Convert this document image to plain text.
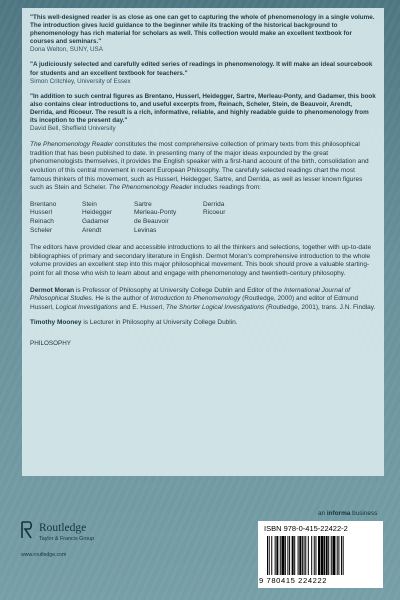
"This well-designed reader is as close as one can get to capturing the whole of phenomenology in a single volume. The introduction gives lucid guidance to the beginner while its tracking of the historical background to phenomenology has rich material for scholars as well. This collection would make an excellent textbook for courses and seminars."

Dona Welton, SUNY, USA

"A judiciously selected and carefully edited series of readings in phenomenology. It will make an ideal sourcebook for students and an excellent textbook for teachers."

Simon Critchley, University of Essex

"In addition to such central figures as Brentano, Husserl, Heidegger, Sartre, Merleau-Ponty, and Gadamer, this book also contains clear introductions to, and useful excerpts from, Reinach, Scheler, Stein, de Beauvoir, Arendt, Derrida, and Ricoeur. The result is a rich, informative, reliable, and highly readable guide to phenomenology from its inception to the present day."

David Bell, Sheffield University

The Phenomenology Reader constitutes the most comprehensive collection of primary texts from this philosophical tradition that has been published to date. In presenting many of the major ideas expounded by the great phenomenologists themselves, it provides the English speaker with a first-hand account of the birth, consolidation and evolution of this central movement in recent European Philosophy. The carefully selected readings chart the most famous thinkers of this movement, such as Husserl, Heidegger, Sartre, and Derrida, as well as lesser known figures such as Stein and Scheler. The Phenomenology Reader includes readings from:

Brentano
Husserl
Reinach
Scheler
Stein
Heidegger
Gadamer
Arendt
Sartre
Merleau-Ponty
de Beauvoir
Levinas
Derrida
Ricoeur

The editors have provided clear and accessible introductions to all the thinkers and selections, together with up-to-date bibliographies of primary and secondary literature in English. Dermot Moran's comprehensive introduction to the whole volume provides an excellent step into this major philosophical movement. This book should prove a valuable starting-point for all those who wish to learn about and engage with phenomenology and twentieth-century philosophy.

Dermot Moran is Professor of Philosophy at University College Dublin and Editor of the International Journal of Philosophical Studies. He is the author of Introduction to Phenomenology (Routledge, 2000) and editor of Edmund Husserl, Logical Investigations and E. Husserl, The Shorter Logical Investigations (Routledge, 2001), trans. J.N. Findlay.

Timothy Mooney is Lecturer in Philosophy at University College Dublin.

PHILOSOPHY
an informa business
Routledge
Taylor & Francis Group
www.routledge.com
ISBN 978-0-415-22422-2
9 780415 224222
